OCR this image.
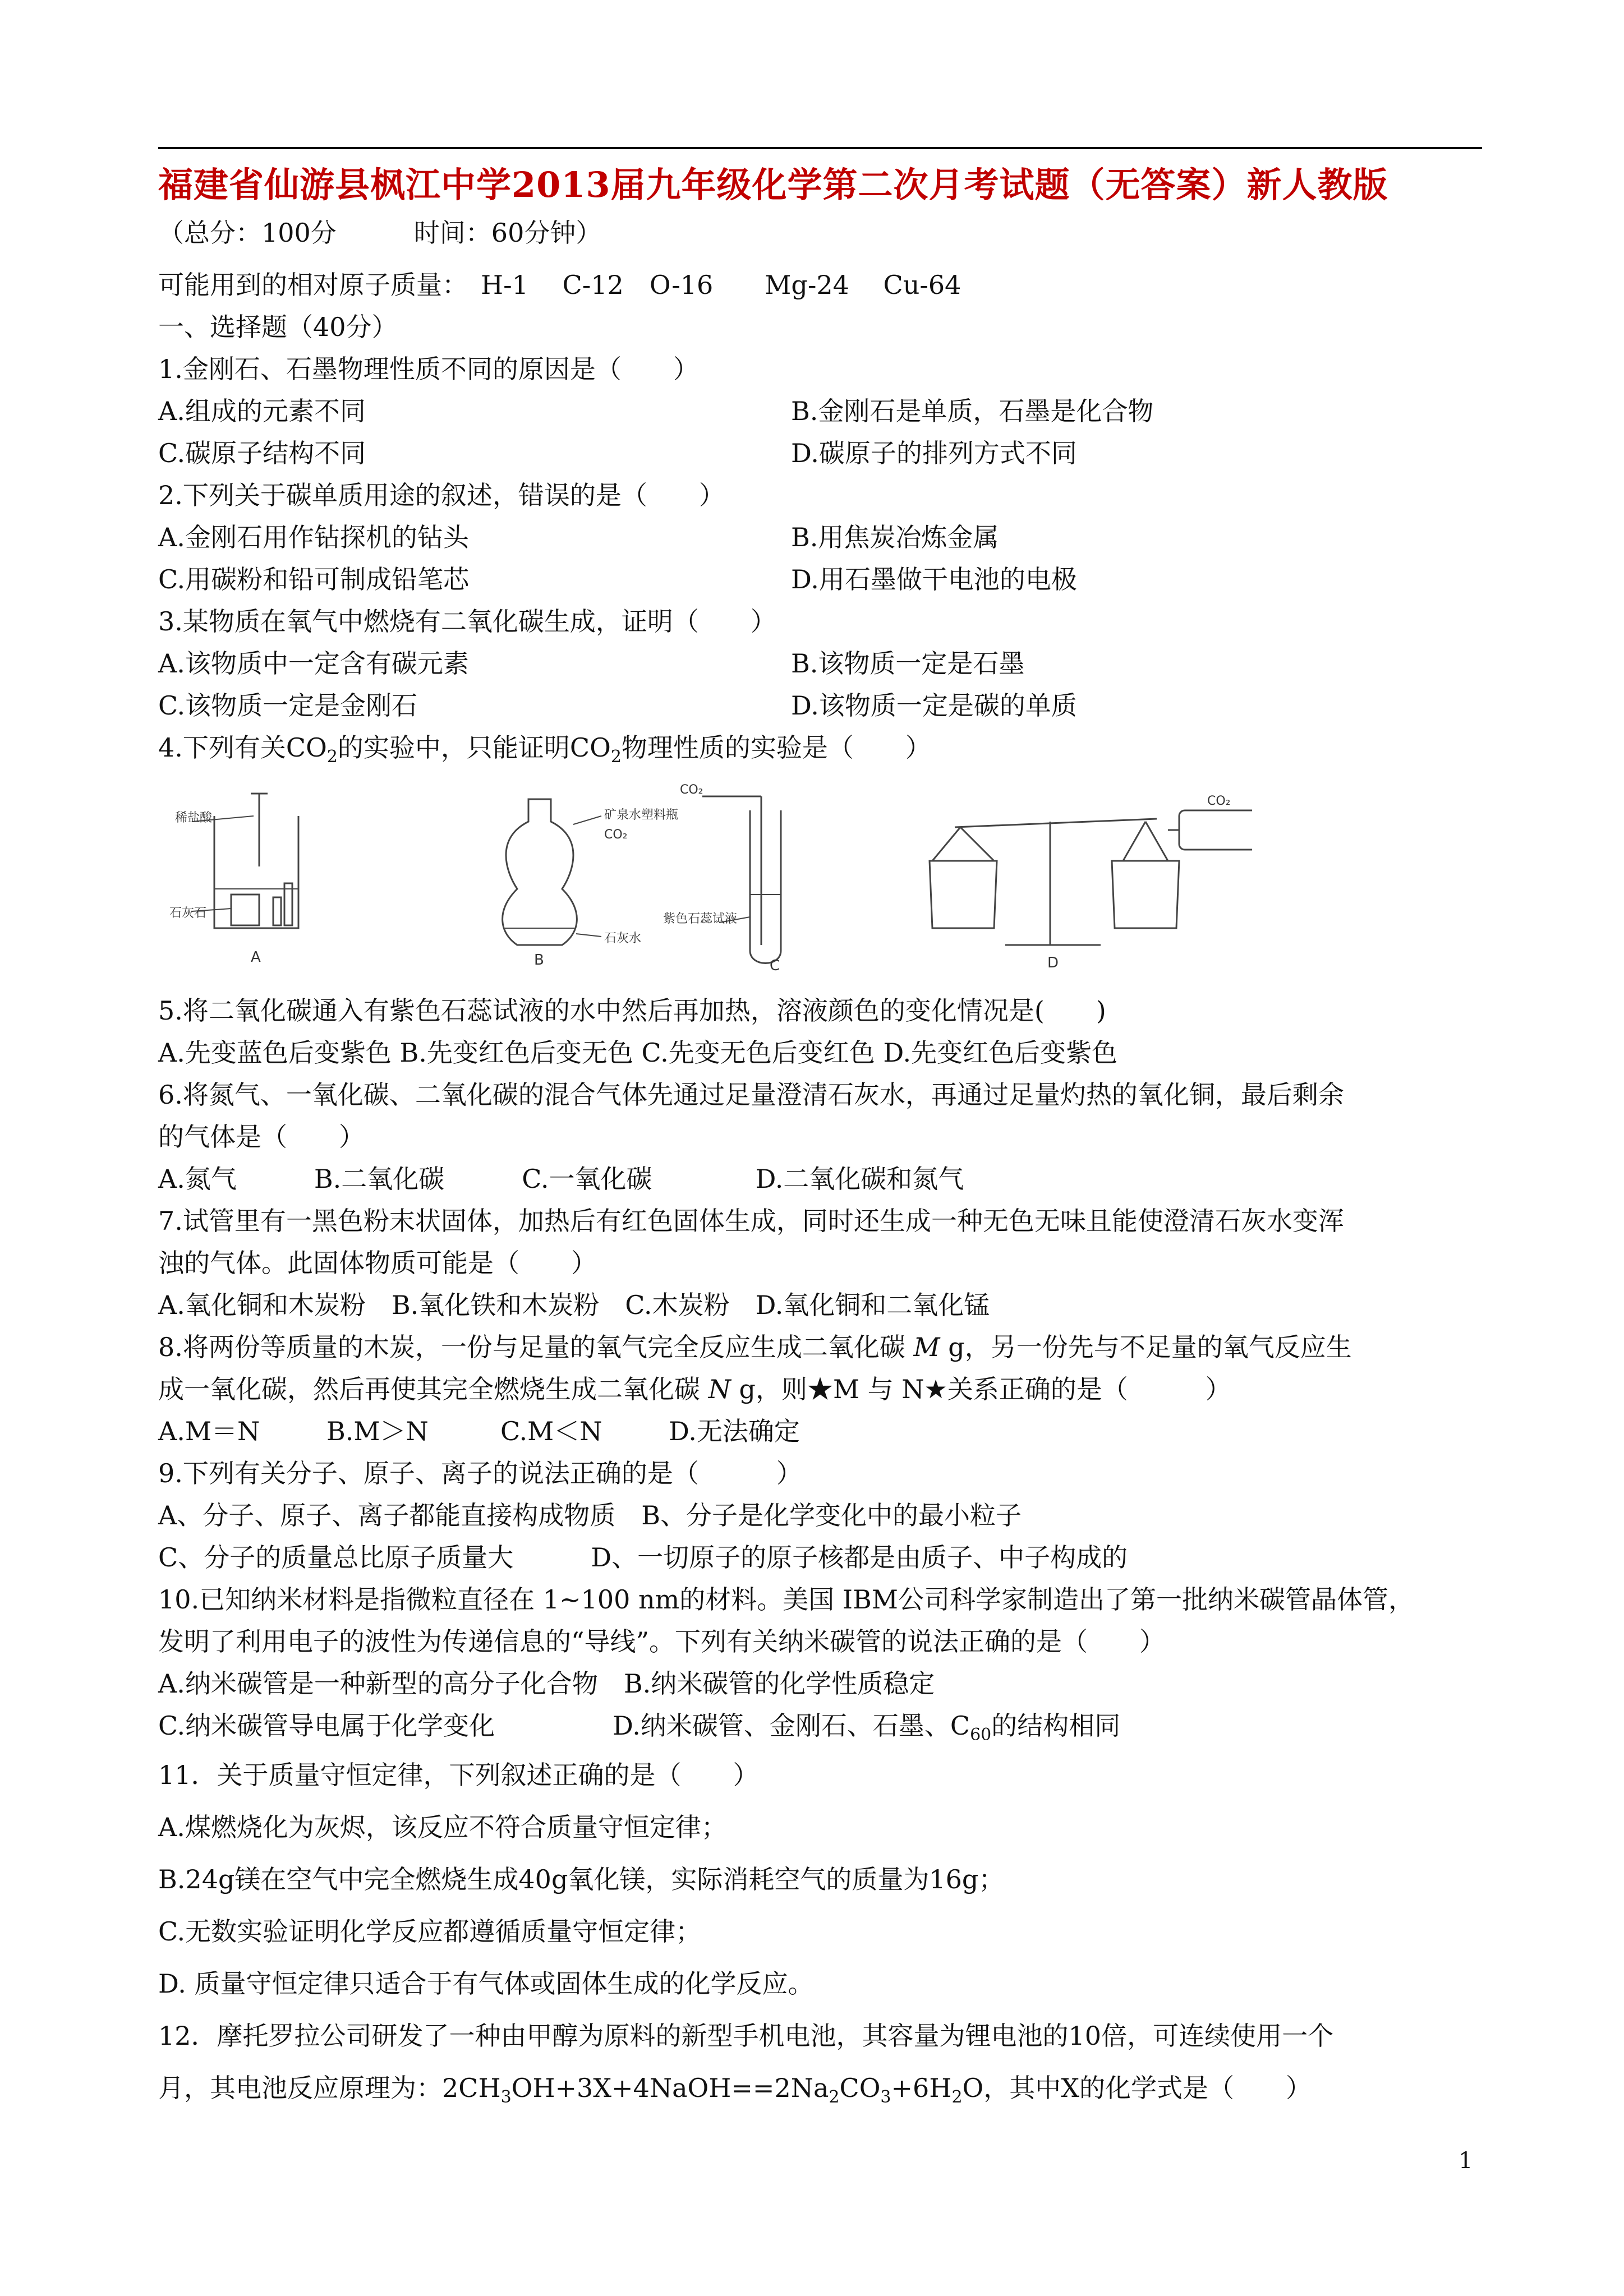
福建省仙游县枫江中学2013届九年级化学第二次月考试题（无答案）新人教版
（总分：100分　　　时间：60分钟）
可能用到的相对原子质量：　H-1　 C-12　O-16　　Mg-24　 Cu-64
一、选择题（40分）
1.金刚石、石墨物理性质不同的原因是（　　）
A.组成的元素不同	B.金刚石是单质，石墨是化合物
C.碳原子结构不同	D.碳原子的排列方式不同
2.下列关于碳单质用途的叙述，错误的是（　　）
A.金刚石用作钻探机的钻头	B.用焦炭冶炼金属
C.用碳粉和铅可制成铅笔芯	D.用石墨做干电池的电极
3.某物质在氧气中燃烧有二氧化碳生成，证明（　　）
A.该物质中一定含有碳元素	B.该物质一定是石墨
C.该物质一定是金刚石	D.该物质一定是碳的单质
4.下列有关$CO_2$的实验中，只能证明$CO_2$物理性质的实验是（　　）
稀盐酸
石灰石
矿泉水塑料瓶
CO₂
石灰水
CO₂
紫色石蕊试液
CO₂
A	B	C	D
5.将二氧化碳通入有紫色石蕊试液的水中然后再加热，溶液颜色的变化情况是(　　)
A.先变蓝色后变紫色 B.先变红色后变无色 C.先变无色后变红色 D.先变红色后变紫色
6.将氮气、一氧化碳、二氧化碳的混合气体先通过足量澄清石灰水，再通过足量灼热的氧化铜，最后剩余
的气体是（　　）
A.氮气　　　B.二氧化碳　　　C.一氧化碳　　　　D.二氧化碳和氮气
7.试管里有一黑色粉末状固体，加热后有红色固体生成，同时还生成一种无色无味且能使澄清石灰水变浑
浊的气体。此固体物质可能是（　　）
A.氧化铜和木炭粉　B.氧化铁和木炭粉　C.木炭粉　D.氧化铜和二氧化锰
8.将两份等质量的木炭，一份与足量的氧气完全反应生成二氧化碳 M g，另一份先与不足量的氧气反应生
成一氧化碳，然后再使其完全燃烧生成二氧化碳 N g，则★M 与 N★关系正确的是（　　　）
A.M＝N	B.M＞N	C.M＜N	D.无法确定
9.下列有关分子、原子、离子的说法正确的是（　　　）
A、分子、原子、离子都能直接构成物质　B、分子是化学变化中的最小粒子
C、分子的质量总比原子质量大　　　D、一切原子的原子核都是由质子、中子构成的
10.已知纳米材料是指微粒直径在 1~100 nm的材料。美国 IBM公司科学家制造出了第一批纳米碳管晶体管，
发明了利用电子的波性为传递信息的“导线”。下列有关纳米碳管的说法正确的是（　　）
A.纳米碳管是一种新型的高分子化合物　B.纳米碳管的化学性质稳定
C.纳米碳管导电属于化学变化	D.纳米碳管、金刚石、石墨、$C_{60}$的结构相同
11．关于质量守恒定律，下列叙述正确的是（　　）
A.煤燃烧化为灰烬，该反应不符合质量守恒定律；
B.24g镁在空气中完全燃烧生成40g氧化镁，实际消耗空气的质量为16g；
C.无数实验证明化学反应都遵循质量守恒定律；
D. 质量守恒定律只适合于有气体或固体生成的化学反应。
12．摩托罗拉公司研发了一种由甲醇为原料的新型手机电池，其容量为锂电池的10倍，可连续使用一个
月，其电池反应原理为：$2CH_3OH+3X+4NaOH==2Na_2CO_3+6H_2O$，其中X的化学式是（　　）
1
